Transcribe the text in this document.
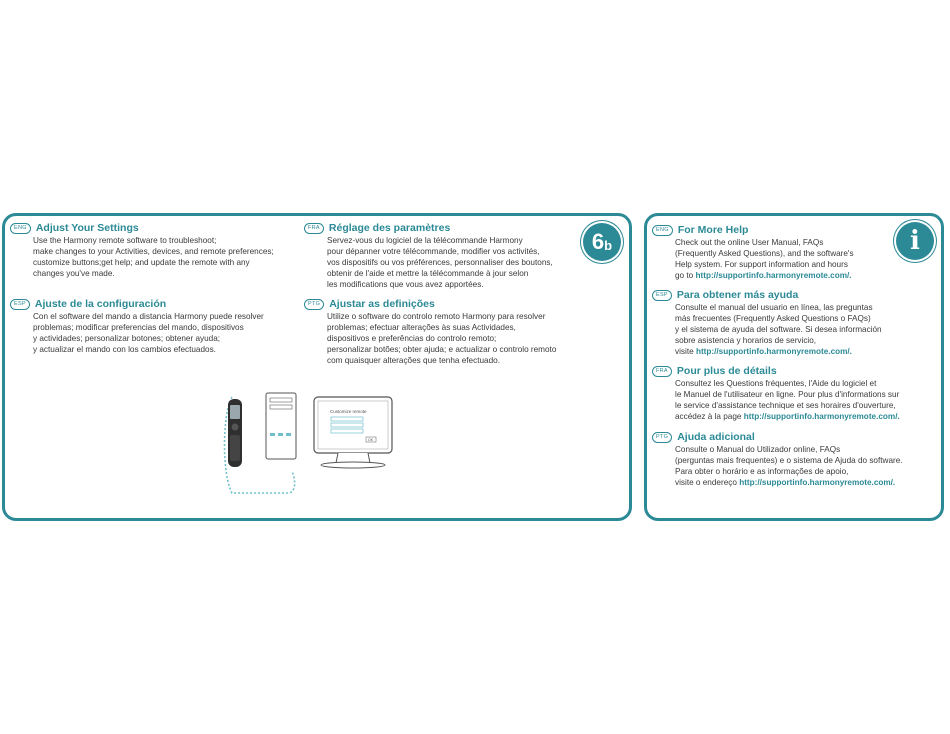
ENG Adjust Your Settings
Use the Harmony remote software to troubleshoot;
make changes to your Activities, devices, and remote preferences;
customize buttons;get help; and update the remote with any
changes you've made.
ESP Ajuste de la configuración
Con el software del mando a distancia Harmony puede resolver
problemas; modificar preferencias del mando, dispositivos
y actividades; personalizar botones; obtener ayuda;
y actualizar el mando con los cambios efectuados.
FRA Réglage des paramètres
Servez-vous du logiciel de la télécommande Harmony
pour dépanner votre télécommande, modifier vos activités,
vos dispositifs ou vos préférences, personnaliser des boutons,
obtenir de l'aide et mettre la télécommande à jour selon
les modifications que vous avez apportées.
PTG Ajustar as definições
Utilize o software do controlo remoto Harmony para resolver
problemas; efectuar alterações às suas Actividades,
dispositivos e preferências do controlo remoto;
personalizar botões; obter ajuda; e actualizar o controlo remoto
com quaisquer alterações que tenha efectuado.
6 b
Customize remote
OK
i
ENG For More Help
Check out the online User Manual, FAQs
(Frequently Asked Questions), and the software's
Help system. For support information and hours
go to http://supportinfo.harmonyremote.com/.
ESP Para obtener más ayuda
Consulte el manual del usuario en línea, las preguntas
más frecuentes (Frequently Asked Questions o FAQs)
y el sistema de ayuda del software. Si desea información
sobre asistencia y horarios de servicio,
visite http://supportinfo.harmonyremote.com/.
FRA Pour plus de détails
Consultez les Questions fréquentes, l'Aide du logiciel et
le Manuel de l'utilisateur en ligne. Pour plus d'informations sur
le service d'assistance technique et ses horaires d'ouverture,
accédez à la page http://supportinfo.harmonyremote.com/.
PTG Ajuda adicional
Consulte o Manual do Utilizador online, FAQs
(perguntas mais frequentes) e o sistema de Ajuda do software.
Para obter o horário e as informações de apoio,
visite o endereço http://supportinfo.harmonyremote.com/.
